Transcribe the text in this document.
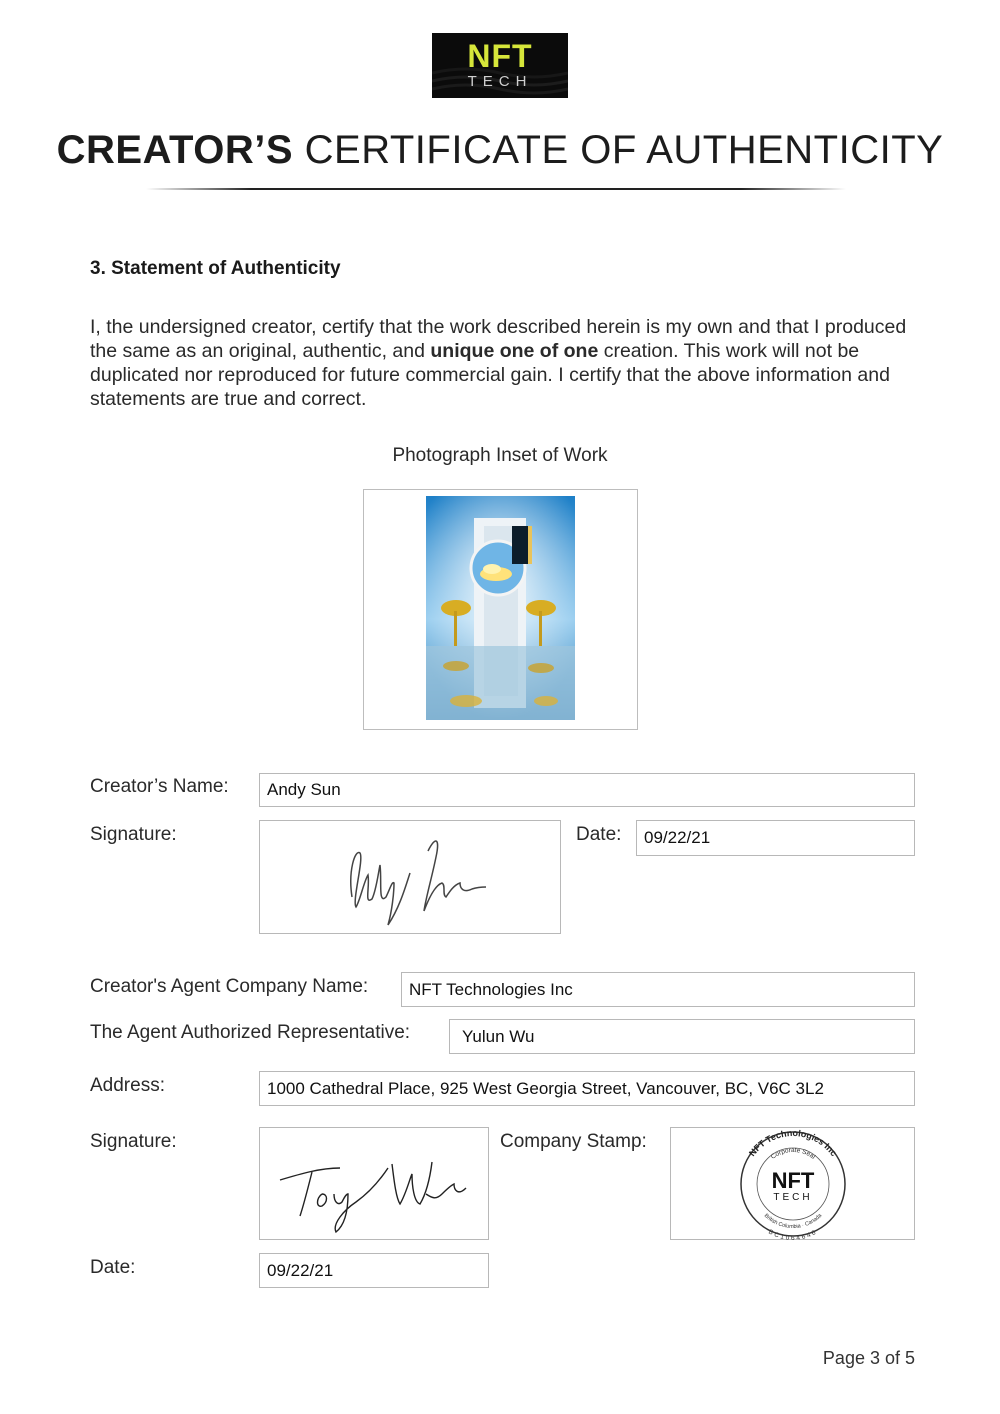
NFT
TECH
CREATOR’S CERTIFICATE OF AUTHENTICITY
3. Statement of Authenticity
I, the undersigned creator, certify that the work described herein is my own and that I produced the same as an original, authentic, and unique one of one creation. This work will not be duplicated nor reproduced for future commercial gain. I certify that the above information and statements are true and correct.
Photograph Inset of Work
Creator’s Name:	Andy Sun
Signature:	Date:	09/22/21
Creator's Agent Company Name:	NFT Technologies Inc
The Agent Authorized Representative:	Yulun Wu
Address:	1000 Cathedral Place, 925 West Georgia Street, Vancouver, BC, V6C 3L2
Signature:	Company Stamp:
NFT Technologies Inc
Corporate Seal
British Columbia · Canada
BC1064646
NFT
TECH
Date:	09/22/21
Page 3 of 5
